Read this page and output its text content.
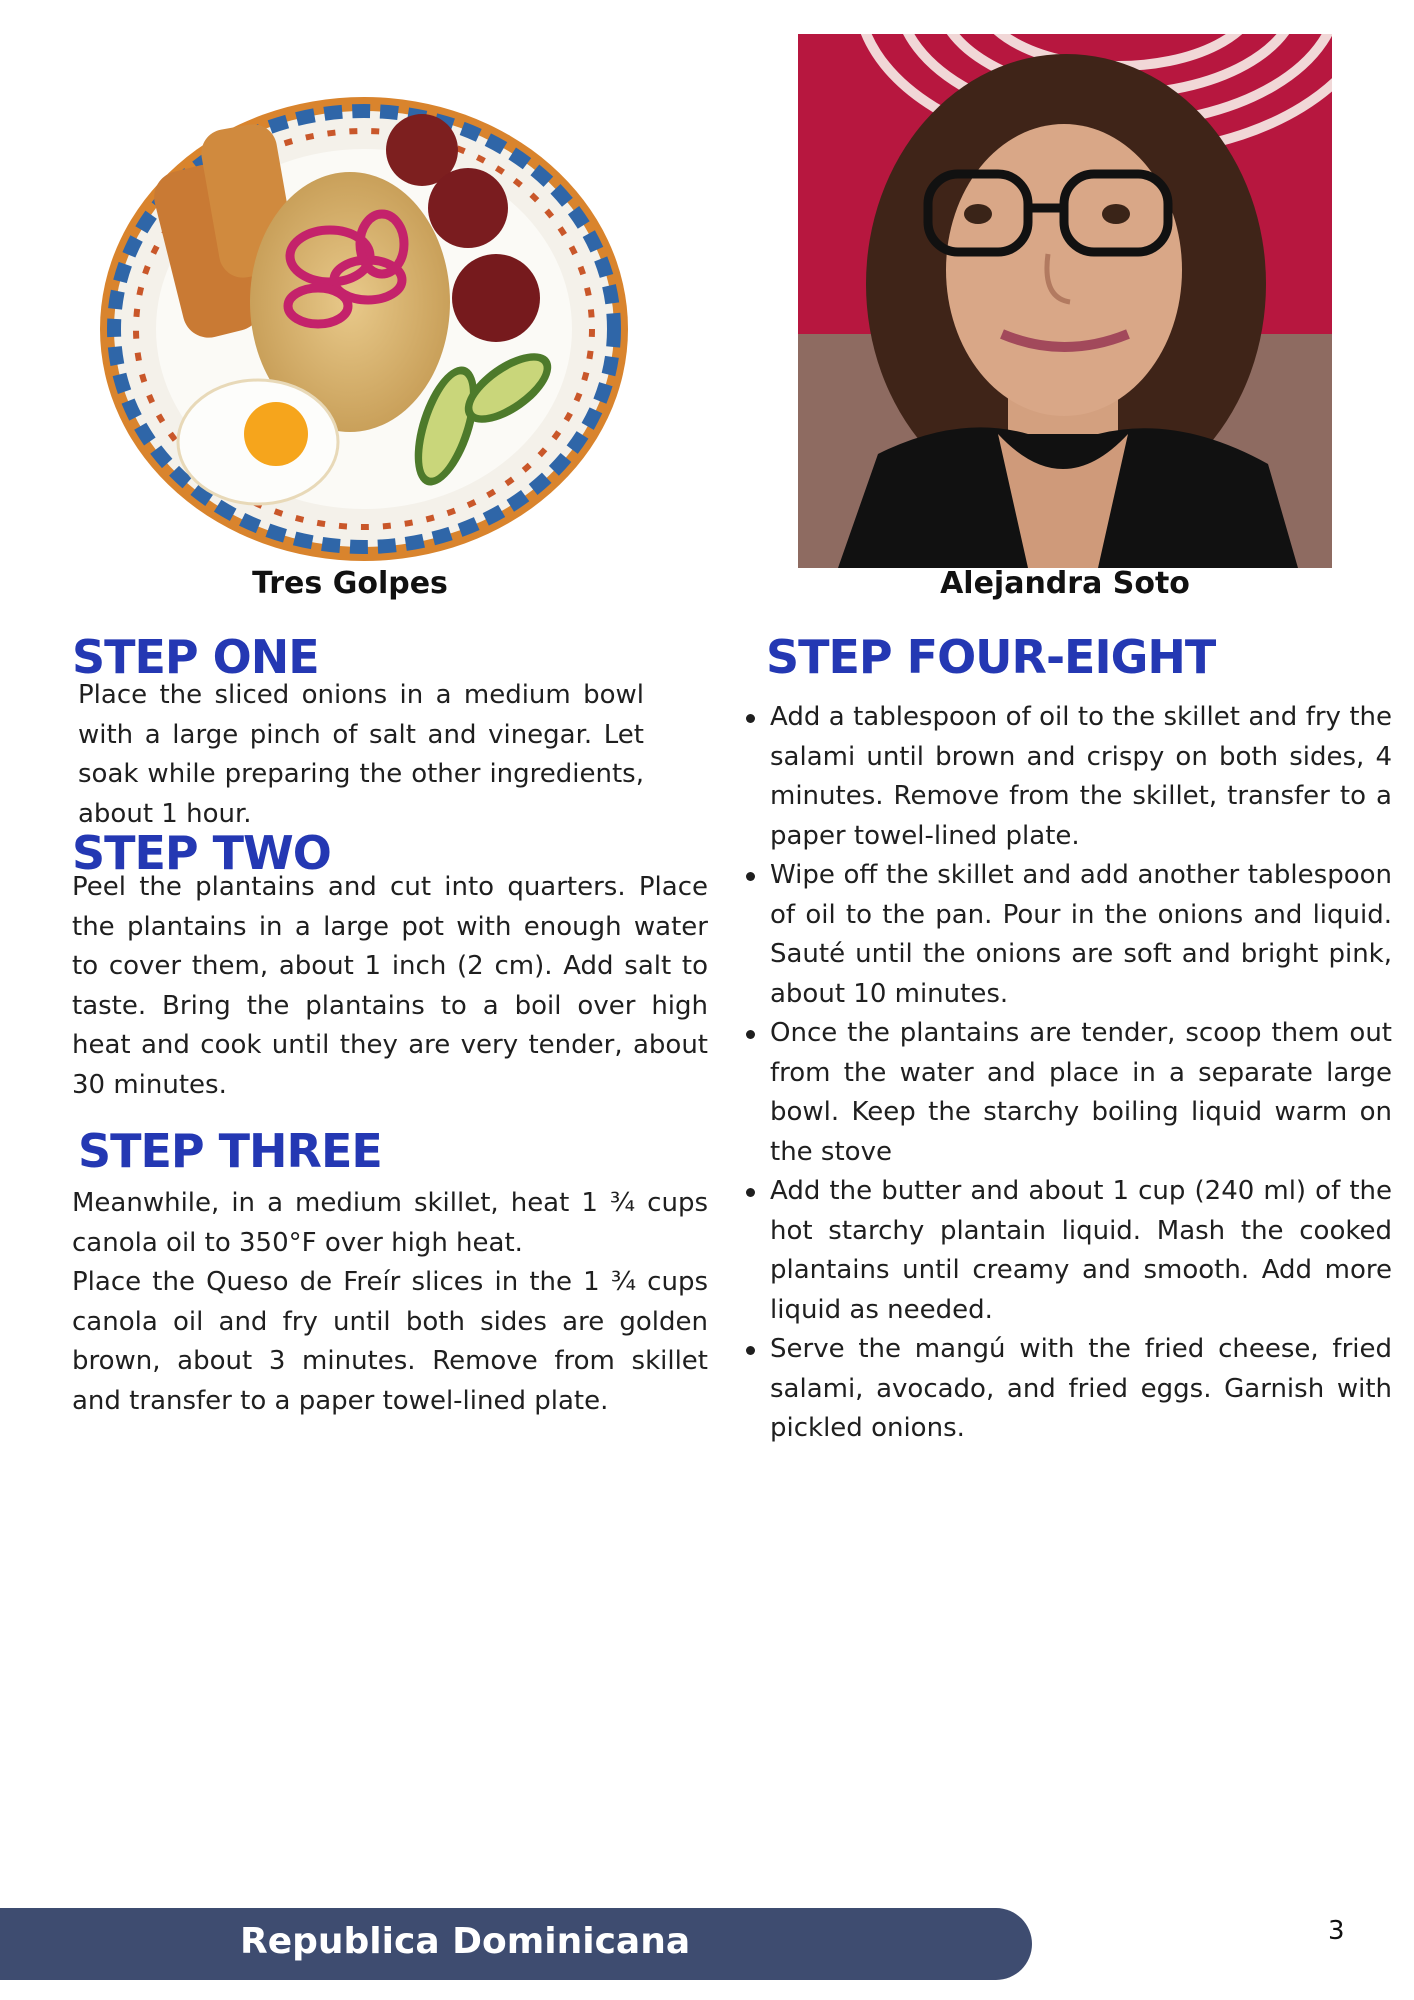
Tres Golpes	Alejandra Soto
STEP ONE

Place the sliced onions in a medium bowl with a large pinch of salt and vinegar. Let soak while preparing the other ingredients, about 1 hour.

STEP TWO

Peel the plantains and cut into quarters. Place the plantains in a large pot with enough water to cover them, about 1 inch (2 cm). Add salt to taste. Bring the plantains to a boil over high heat and cook until they are very tender, about 30 minutes.

STEP THREE

Meanwhile, in a medium skillet, heat 1 ¾ cups canola oil to 350°F over high heat.

Place the Queso de Freír slices in the 1 ¾ cups canola oil and fry until both sides are golden brown, about 3 minutes. Remove from skillet and transfer to a paper towel-lined plate.

STEP FOUR-EIGHT
Add a tablespoon of oil to the skillet and fry the salami until brown and crispy on both sides, 4 minutes. Remove from the skillet, transfer to a paper towel-lined plate.
Wipe off the skillet and add another tablespoon of oil to the pan. Pour in the onions and liquid. Sauté until the onions are soft and bright pink, about 10 minutes.
Once the plantains are tender, scoop them out from the water and place in a separate large bowl. Keep the starchy boiling liquid warm on the stove
Add the butter and about 1 cup (240 ml) of the hot starchy plantain liquid. Mash the cooked plantains until creamy and smooth. Add more liquid as needed.
Serve the mangú with the fried cheese, fried salami, avocado, and fried eggs. Garnish with pickled onions.
Republica Dominicana	3
